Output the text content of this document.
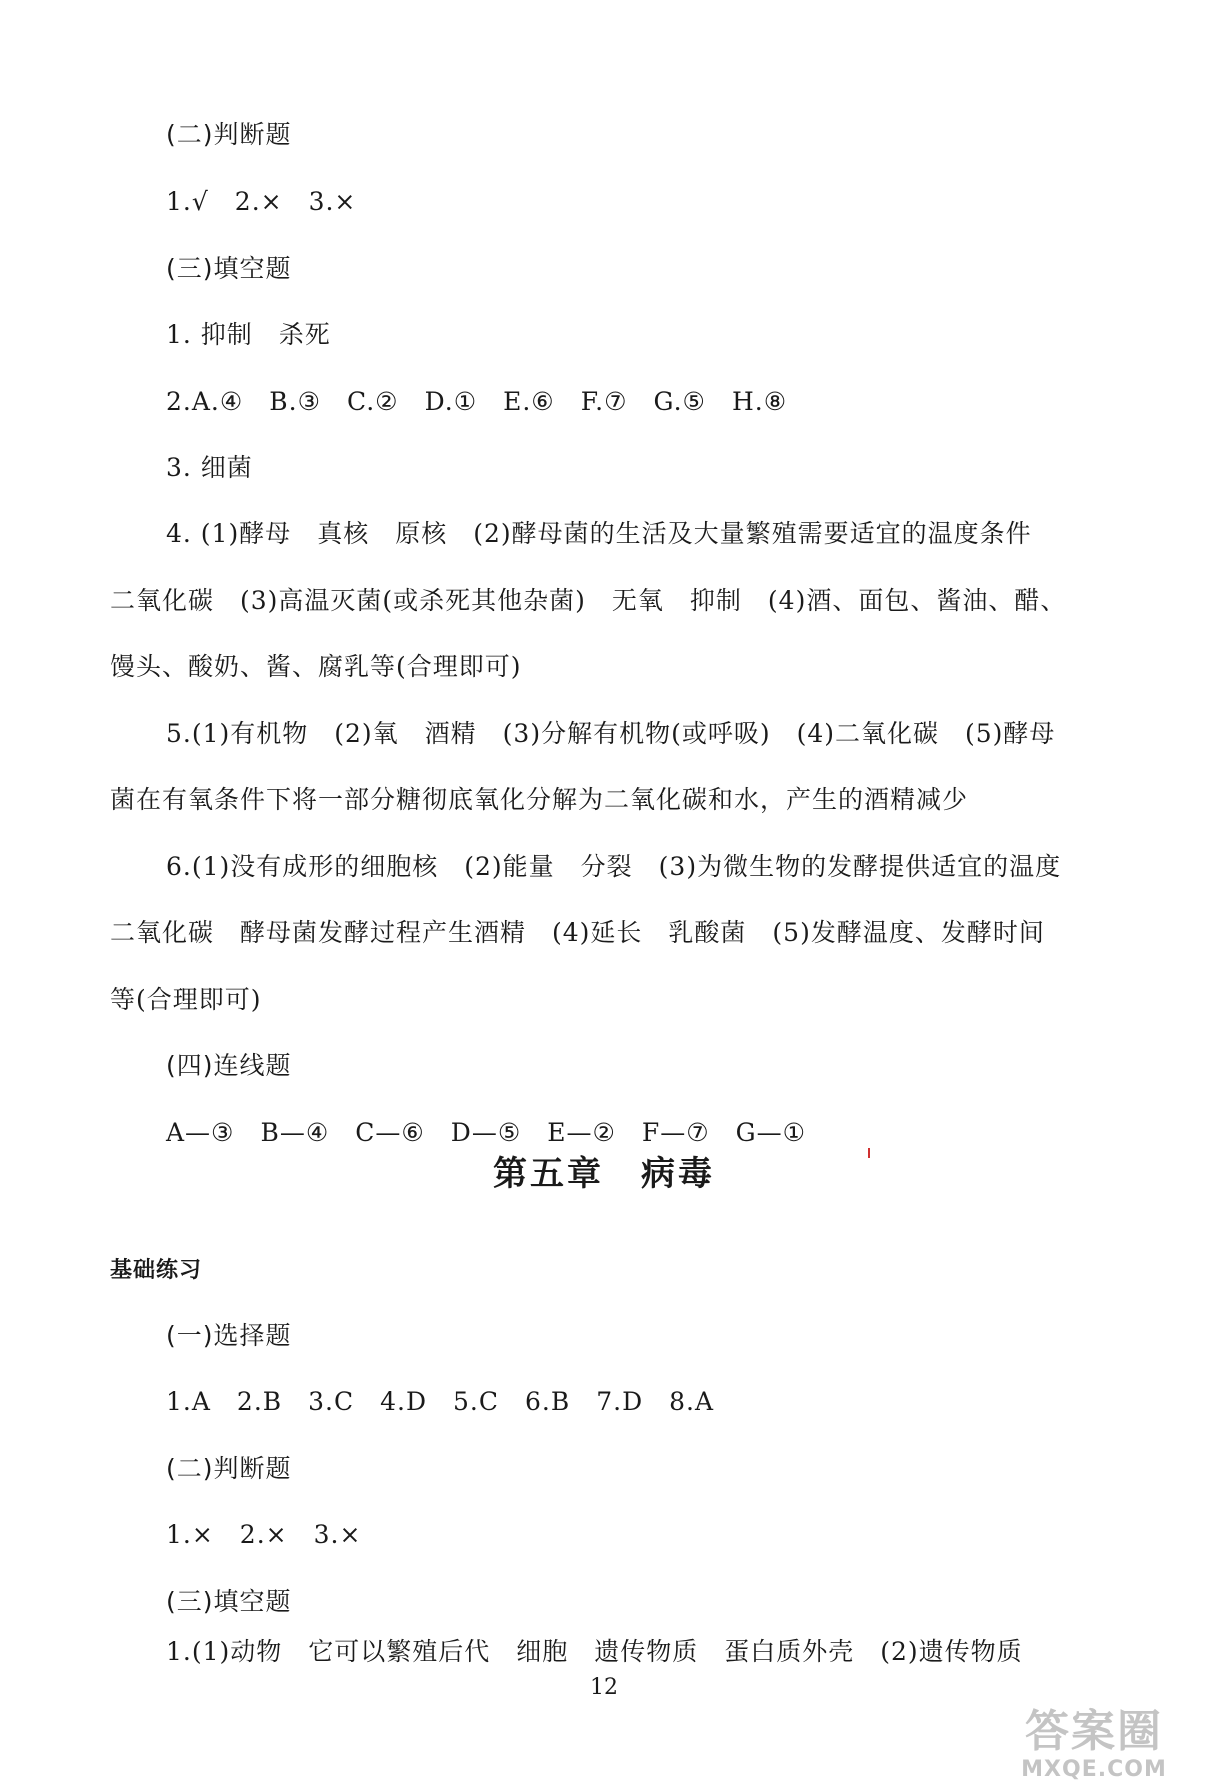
(二)判断题
1.√　2.×　3.×
(三)填空题
1. 抑制　杀死
2.A.④　B.③　C.②　D.①　E.⑥　F.⑦　G.⑤　H.⑧
3. 细菌
4. (1)酵母　真核　原核　(2)酵母菌的生活及大量繁殖需要适宜的温度条件
二氧化碳　(3)高温灭菌(或杀死其他杂菌)　无氧　抑制　(4)酒、面包、酱油、醋、
馒头、酸奶、酱、腐乳等(合理即可)
5.(1)有机物　(2)氧　酒精　(3)分解有机物(或呼吸)　(4)二氧化碳　(5)酵母
菌在有氧条件下将一部分糖彻底氧化分解为二氧化碳和水，产生的酒精减少
6.(1)没有成形的细胞核　(2)能量　分裂　(3)为微生物的发酵提供适宜的温度
二氧化碳　酵母菌发酵过程产生酒精　(4)延长　乳酸菌　(5)发酵温度、发酵时间
等(合理即可)
(四)连线题
A—③　B—④　C—⑥　D—⑤　E—②　F—⑦　G—①
第五章　病毒
基础练习
(一)选择题
1.A　2.B　3.C　4.D　5.C　6.B　7.D　8.A
(二)判断题
1.×　2.×　3.×
(三)填空题
1.(1)动物　它可以繁殖后代　细胞　遗传物质　蛋白质外壳　(2)遗传物质
12
答案圈
MXQE.COM
